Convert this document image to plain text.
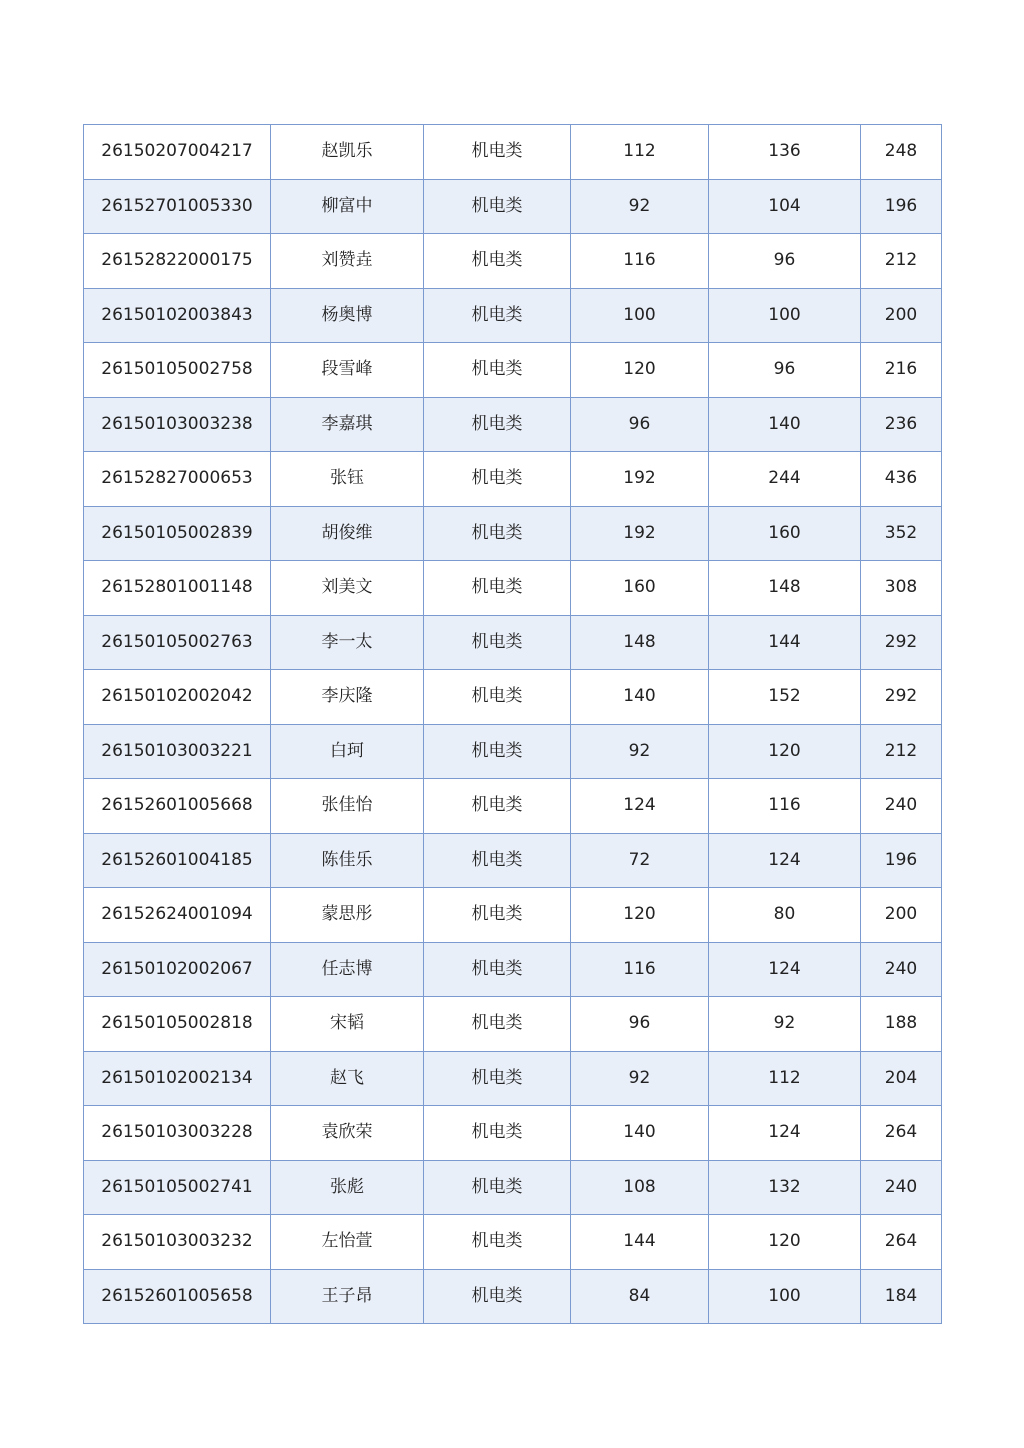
26150207004217	赵凯乐	机电类	112	136	248
26152701005330	柳富中	机电类	92	104	196
26152822000175	刘赞垚	机电类	116	96	212
26150102003843	杨奥博	机电类	100	100	200
26150105002758	段雪峰	机电类	120	96	216
26150103003238	李嘉琪	机电类	96	140	236
26152827000653	张钰	机电类	192	244	436
26150105002839	胡俊维	机电类	192	160	352
26152801001148	刘美文	机电类	160	148	308
26150105002763	李一太	机电类	148	144	292
26150102002042	李庆隆	机电类	140	152	292
26150103003221	白珂	机电类	92	120	212
26152601005668	张佳怡	机电类	124	116	240
26152601004185	陈佳乐	机电类	72	124	196
26152624001094	蒙思彤	机电类	120	80	200
26150102002067	任志博	机电类	116	124	240
26150105002818	宋韬	机电类	96	92	188
26150102002134	赵飞	机电类	92	112	204
26150103003228	袁欣荣	机电类	140	124	264
26150105002741	张彪	机电类	108	132	240
26150103003232	左怡萱	机电类	144	120	264
26152601005658	王子昂	机电类	84	100	184
